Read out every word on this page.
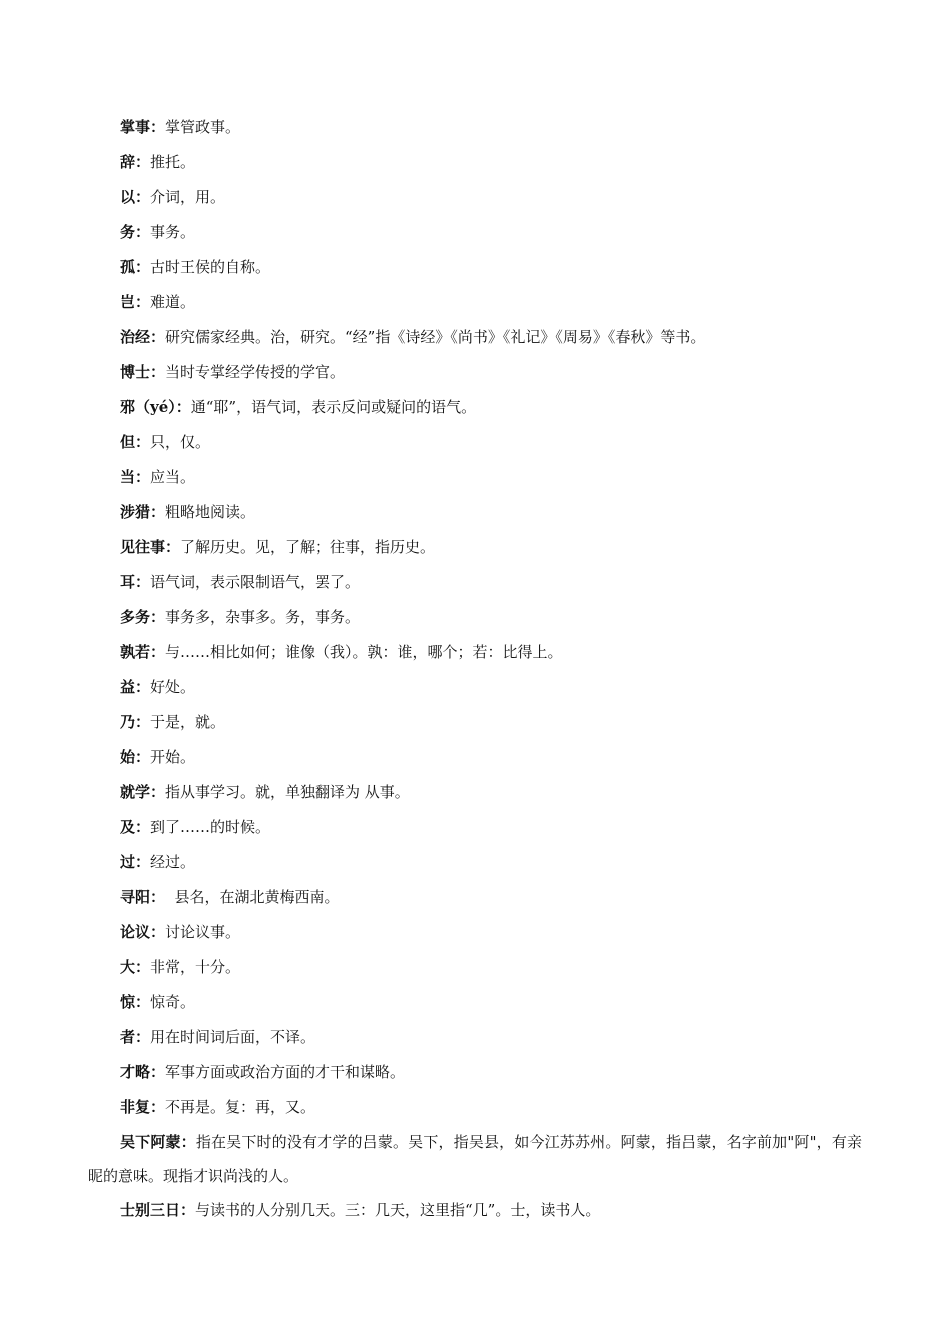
掌事：掌管政事。
辞：推托。
以：介词，用。
务：事务。
孤：古时王侯的自称。
岂：难道。
治经：研究儒家经典。治，研究。“经”指《诗经》《尚书》《礼记》《周易》《春秋》等书。
博士：当时专掌经学传授的学官。
邪（yé）：通“耶”，语气词，表示反问或疑问的语气。
但：只，仅。
当：应当。
涉猎：粗略地阅读。
见往事：了解历史。见，了解；往事，指历史。
耳：语气词，表示限制语气，罢了。
多务：事务多，杂事多。务，事务。
孰若：与……相比如何；谁像（我）。孰：谁，哪个；若：比得上。
益：好处。
乃：于是，就。
始：开始。
就学：指从事学习。就，单独翻译为 从事。
及：到了……的时候。
过：经过。
寻阳：  县名，在湖北黄梅西南。
论议：讨论议事。
大：非常，十分。
惊：惊奇。
者：用在时间词后面，不译。
才略：军事方面或政治方面的才干和谋略。
非复：不再是。复：再，又。
吴下阿蒙：指在吴下时的没有才学的吕蒙。吴下，指吴县，如今江苏苏州。阿蒙，指吕蒙，名字前加"阿"，有亲昵的意味。现指才识尚浅的人。
士别三日：与读书的人分别几天。三：几天，这里指“几”。士，读书人。
